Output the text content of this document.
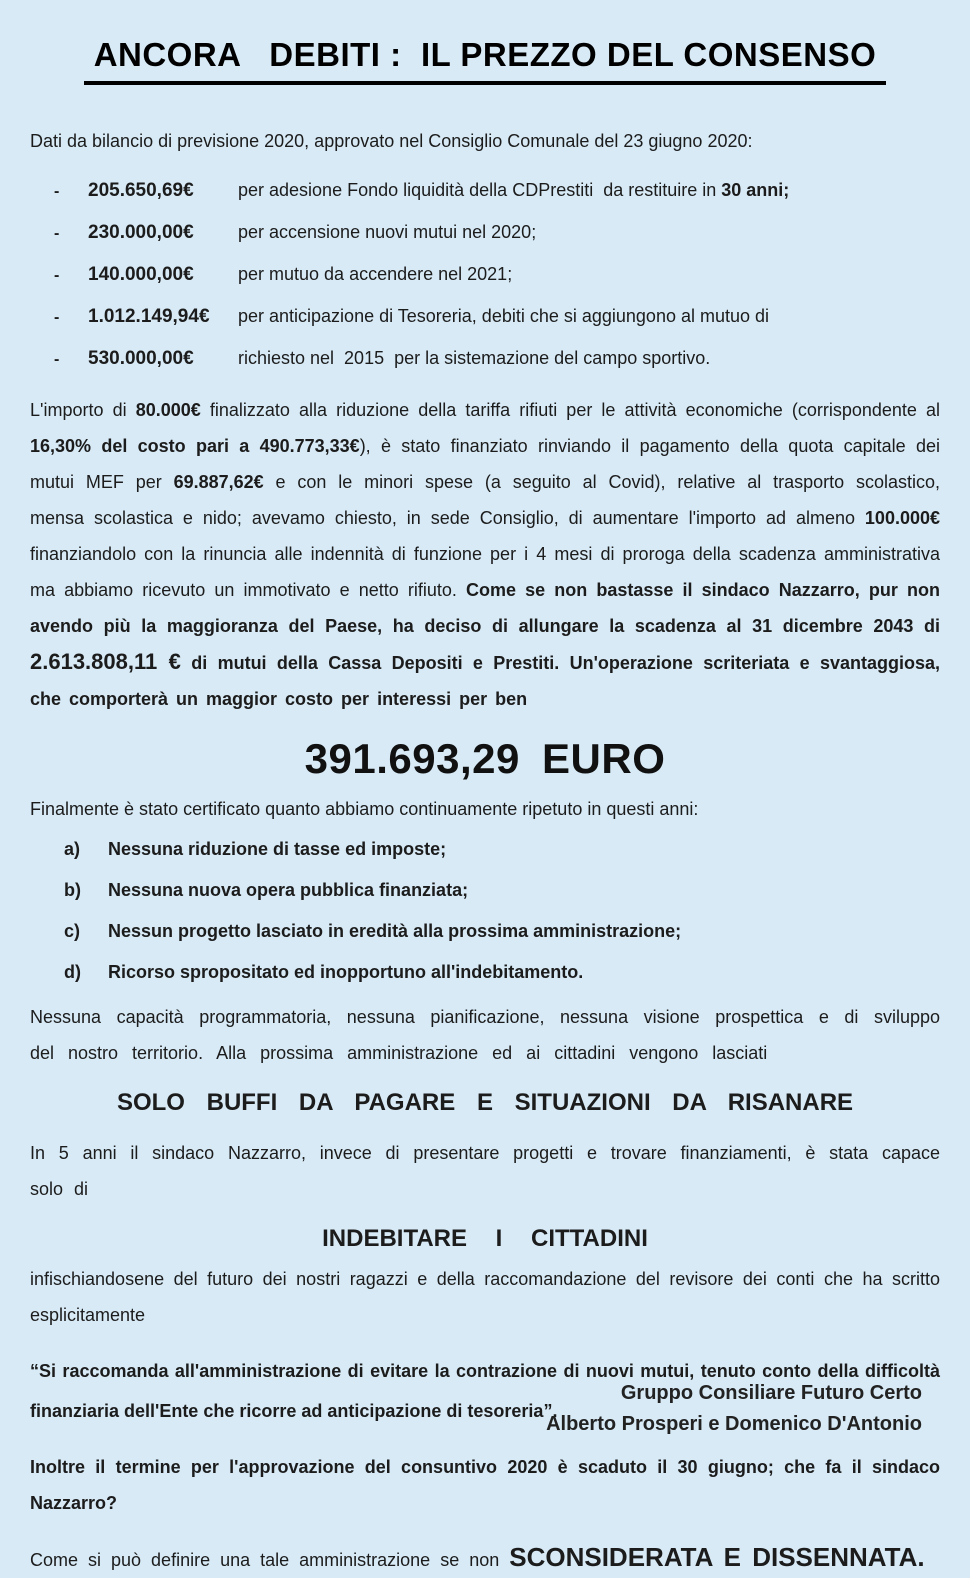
ANCORA   DEBITI :  IL PREZZO DEL CONSENSO

Dati da bilancio di previsione 2020, approvato nel Consiglio Comunale del 23 giugno 2020:

-	205.650,69€	per adesione Fondo liquidità della CDPrestiti  da restituire in 30 anni;
-	230.000,00€	per accensione nuovi mutui nel 2020;
-	140.000,00€	per mutuo da accendere nel 2021;
-	1.012.149,94€	per anticipazione di Tesoreria, debiti che si aggiungono al mutuo di
-	530.000,00€	richiesto nel  2015  per la sistemazione del campo sportivo.

L'importo di 80.000€ finalizzato alla riduzione della tariffa rifiuti per le attività economiche (corrispondente al 16,30% del costo pari a 490.773,33€), è stato finanziato rinviando il pagamento della quota capitale dei mutui MEF per 69.887,62€ e con le minori spese (a seguito al Covid), relative al trasporto scolastico, mensa scolastica e nido; avevamo chiesto, in sede Consiglio, di aumentare l'importo ad almeno 100.000€ finanziandolo con la rinuncia alle indennità di funzione per i 4 mesi di proroga della scadenza amministrativa ma abbiamo ricevuto un immotivato e netto rifiuto. Come se non bastasse il sindaco Nazzarro, pur non avendo più la maggioranza del Paese, ha deciso di allungare la scadenza al 31 dicembre 2043 di 2.613.808,11 € di mutui della Cassa Depositi e Prestiti. Un'operazione scriteriata e svantaggiosa, che comporterà un maggior costo per interessi per ben

391.693,29 EURO

Finalmente è stato certificato quanto abbiamo continuamente ripetuto in questi anni:

a)	Nessuna riduzione di tasse ed imposte;
b)	Nessuna nuova opera pubblica finanziata;
c)	Nessun progetto lasciato in eredità alla prossima amministrazione;
d)	Ricorso spropositato ed inopportuno all'indebitamento.

Nessuna capacità programmatoria, nessuna pianificazione, nessuna visione prospettica e di sviluppo del nostro territorio. Alla prossima amministrazione ed ai cittadini vengono lasciati

SOLO BUFFI DA PAGARE E SITUAZIONI DA RISANARE

In 5 anni il sindaco Nazzarro, invece di presentare progetti e trovare finanziamenti, è stata capace solo di

INDEBITARE I CITTADINI

infischiandosene del futuro dei nostri ragazzi e della raccomandazione del revisore dei conti che ha scritto esplicitamente

“Si raccomanda all'amministrazione di evitare la contrazione di nuovi mutui, tenuto conto della difficoltà finanziaria dell'Ente che ricorre ad anticipazione di tesoreria”.

Inoltre il termine per l'approvazione del consuntivo 2020 è scaduto il 30 giugno; che fa il sindaco Nazzarro?

Come si può definire una tale amministrazione se non SCONSIDERATA E DISSENNATA.

Gruppo Consiliare Futuro Certo
Alberto Prosperi e Domenico D'Antonio
